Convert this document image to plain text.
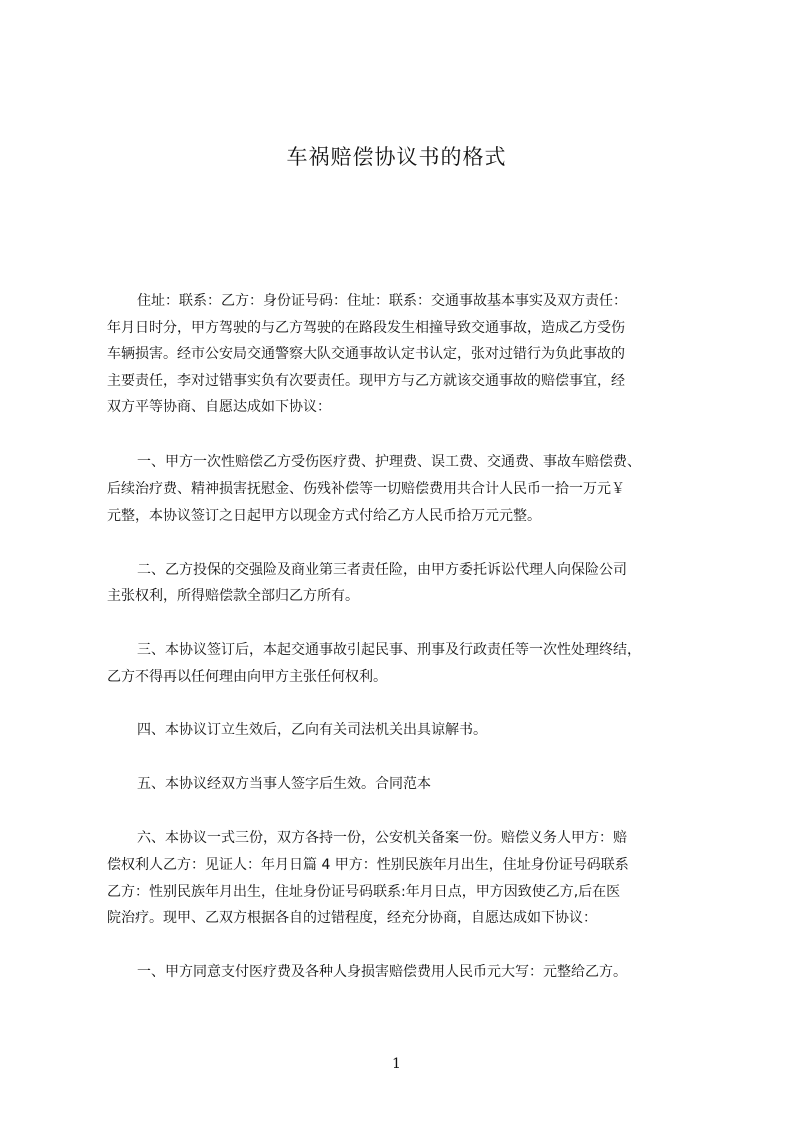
车祸赔偿协议书的格式
住址：联系：乙方：身份证号码：住址：联系：交通事故基本事实及双方责任：
年月日时分，甲方驾驶的与乙方驾驶的在路段发生相撞导致交通事故，造成乙方受伤
车辆损害。经市公安局交通警察大队交通事故认定书认定，张对过错行为负此事故的
主要责任，李对过错事实负有次要责任。现甲方与乙方就该交通事故的赔偿事宜，经
双方平等协商、自愿达成如下协议：
一、甲方一次性赔偿乙方受伤医疗费、护理费、误工费、交通费、事故车赔偿费、
后续治疗费、精神损害抚慰金、伤残补偿等一切赔偿费用共合计人民币一拾一万元￥
元整，本协议签订之日起甲方以现金方式付给乙方人民币拾万元元整。
二、乙方投保的交强险及商业第三者责任险，由甲方委托诉讼代理人向保险公司
主张权利，所得赔偿款全部归乙方所有。
三、本协议签订后，本起交通事故引起民事、刑事及行政责任等一次性处理终结，
乙方不得再以任何理由向甲方主张任何权利。
四、本协议订立生效后，乙向有关司法机关出具谅解书。
五、本协议经双方当事人签字后生效。合同范本
六、本协议一式三份，双方各持一份，公安机关备案一份。赔偿义务人甲方：赔
偿权利人乙方：见证人：年月日篇 4 甲方：性别民族年月出生，住址身份证号码联系
乙方：性别民族年月出生，住址身份证号码联系:年月日点，甲方因致使乙方,后在医
院治疗。现甲、乙双方根据各自的过错程度，经充分协商，自愿达成如下协议：
一、甲方同意支付医疗费及各种人身损害赔偿费用人民币元大写：元整给乙方。
1
